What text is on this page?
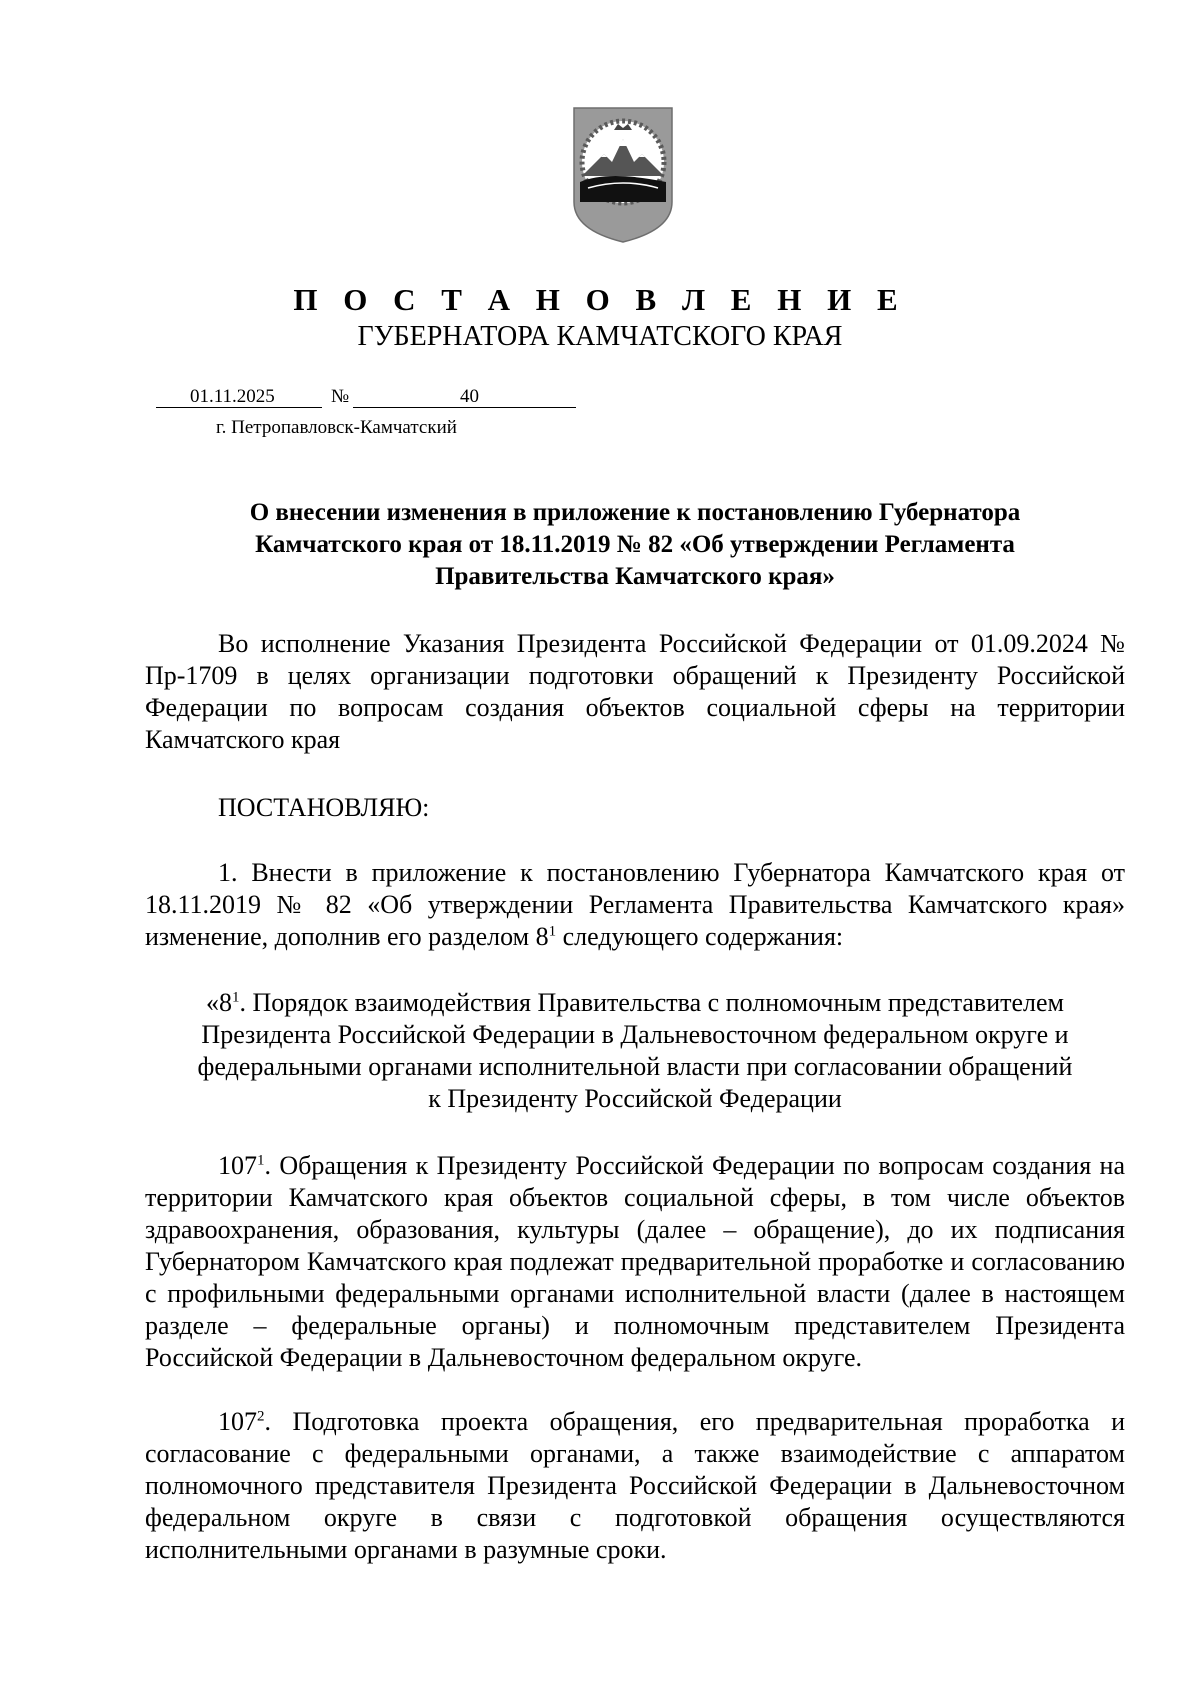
П О С Т А Н О В Л Е Н И Е
ГУБЕРНАТОРА КАМЧАТСКОГО КРАЯ
01.11.2025	№	40
г. Петропавловск-Камчатский
О внесении изменения в приложение к постановлению Губернатора
Камчатского края от 18.11.2019 № 82 «Об утверждении Регламента
Правительства Камчатского края»

Во исполнение Указания Президента Российской Федерации от 01.09.2024 № Пр-1709 в целях организации подготовки обращений к Президенту Российской Федерации по вопросам создания объектов социальной сферы на территории Камчатского края

ПОСТАНОВЛЯЮ:

1. Внести в приложение к постановлению Губернатора Камчатского края от 18.11.2019 № 82 «Об утверждении Регламента Правительства Камчатского края» изменение, дополнив его разделом $8^1$ следующего содержания:

«$8^1$. Порядок взаимодействия Правительства с полномочным представителем
Президента Российской Федерации в Дальневосточном федеральном округе и
федеральными органами исполнительной власти при согласовании обращений
к Президенту Российской Федерации

$107^1$. Обращения к Президенту Российской Федерации по вопросам создания на территории Камчатского края объектов социальной сферы, в том числе объектов здравоохранения, образования, культуры (далее – обращение), до их подписания Губернатором Камчатского края подлежат предварительной проработке и согласованию с профильными федеральными органами исполнительной власти (далее в настоящем разделе – федеральные органы) и полномочным представителем Президента Российской Федерации в Дальневосточном федеральном округе.

$107^2$. Подготовка проекта обращения, его предварительная проработка и согласование с федеральными органами, а также взаимодействие с аппаратом полномочного представителя Президента Российской Федерации в Дальневосточном федеральном округе в связи с подготовкой обращения осуществляются исполнительными органами в разумные сроки.
